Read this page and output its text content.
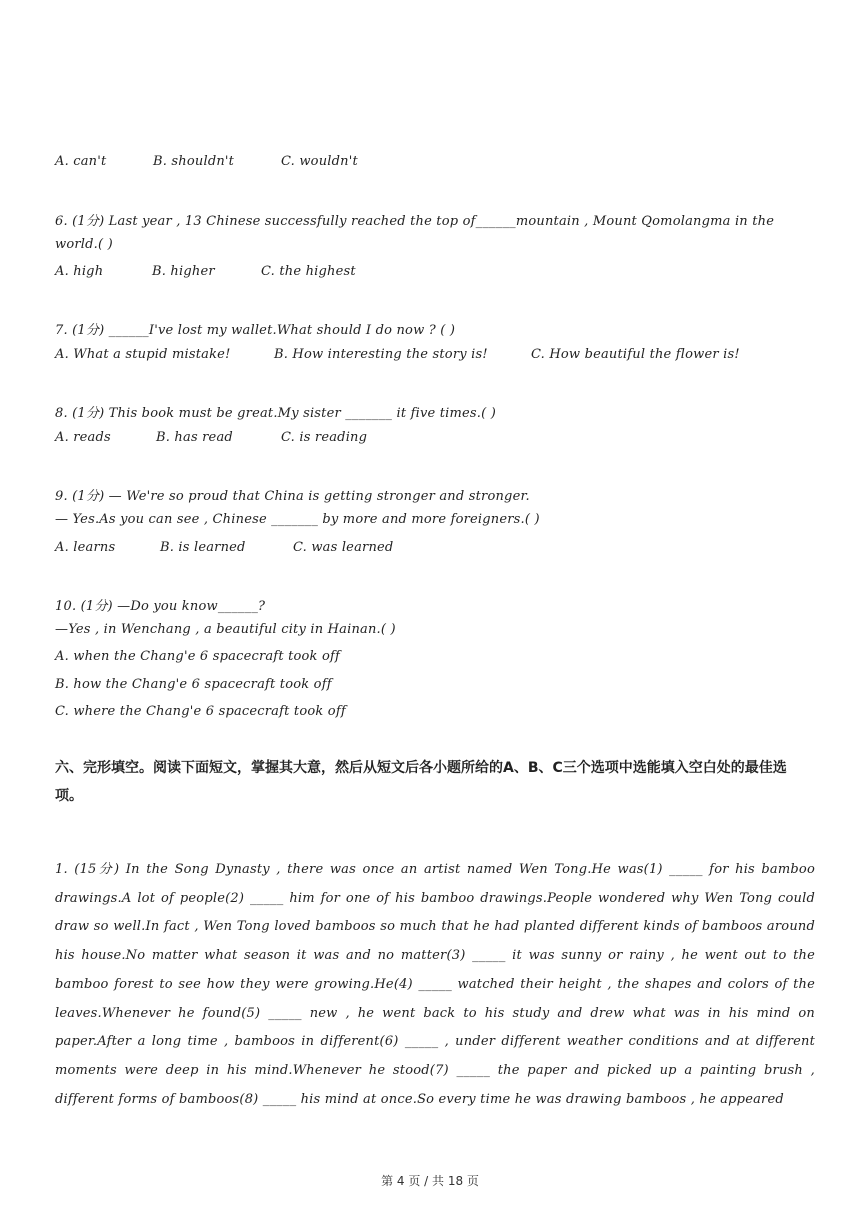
A. can't	B. shouldn't	C. wouldn't
6. (1分) Last year , 13 Chinese successfully reached the top of______mountain , Mount Qomolangma in the
world.( )
A. high	B. higher	C. the highest
7. (1分) ______I've lost my wallet.What should I do now ? ( )
A. What a stupid mistake!	B. How interesting the story is!	C. How beautiful the flower is!
8. (1分) This book must be great.My sister _______ it five times.( )
A. reads	B. has read	C. is reading
9. (1分) — We're so proud that China is getting stronger and stronger.
— Yes.As you can see , Chinese _______ by more and more foreigners.( )
A. learns	B. is learned	C. was learned
10. (1分) —Do you know______?
—Yes , in Wenchang , a beautiful city in Hainan.( )
A. when the Chang'e 6 spacecraft took off
B. how the Chang'e 6 spacecraft took off
C. where the Chang'e 6 spacecraft took off
六、完形填空。阅读下面短文，掌握其大意，然后从短文后各小题所给的A、B、C三个选项中选能填入空白处的最佳选项。
1. (15分) In the Song Dynasty , there was once an artist named Wen Tong.He was(1) _____ for his bamboo drawings.A lot of people(2) _____ him for one of his bamboo drawings.People wondered why Wen Tong could draw so well.In fact , Wen Tong loved bamboos so much that he had planted different kinds of bamboos around his house.No matter what season it was and no matter(3) _____ it was sunny or rainy , he went out to the bamboo forest to see how they were growing.He(4) _____ watched their height , the shapes and colors of the leaves.Whenever he found(5) _____ new , he went back to his study and drew what was in his mind on paper.After a long time , bamboos in different(6) _____ , under different weather conditions and at different moments were deep in his mind.Whenever he stood(7) _____ the paper and picked up a painting brush , different forms of bamboos(8) _____ his mind at once.So every time he was drawing bamboos , he appeared
第 4 页 / 共 18 页
